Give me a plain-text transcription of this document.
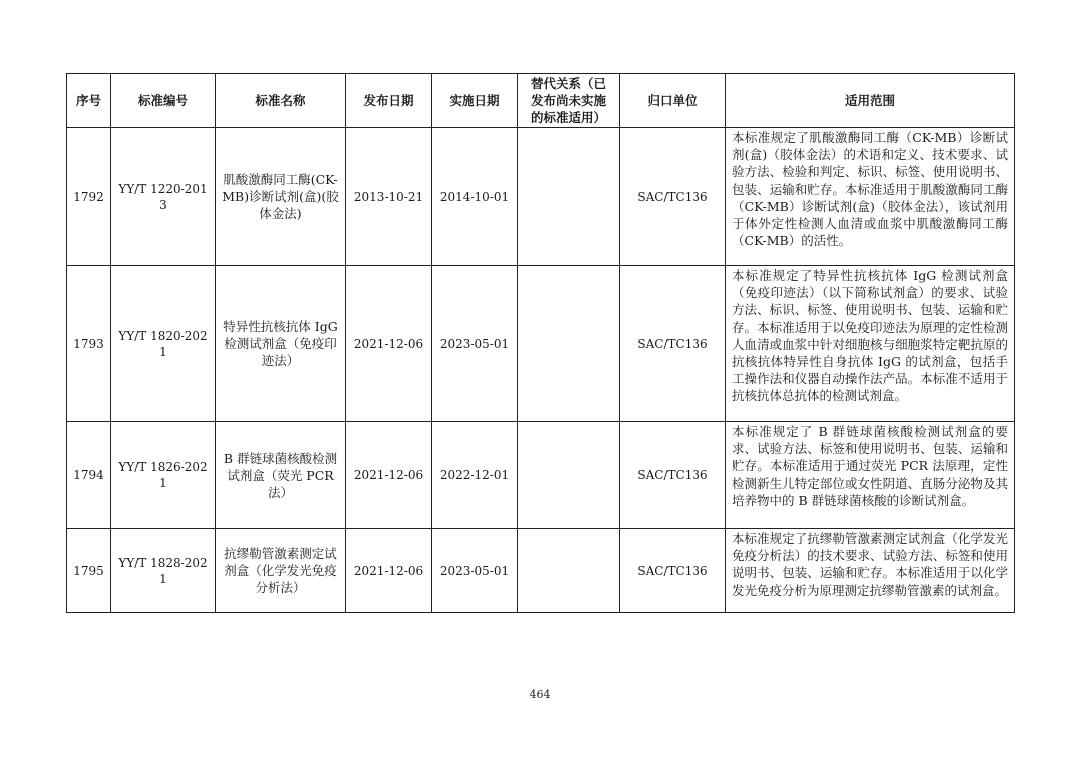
序号	标准编号	标准名称	发布日期	实施日期	替代关系（已发布尚未实施的标准适用）	归口单位	适用范围
1792	YY/T 1220-2013	肌酸激酶同工酶(CK-MB)诊断试剂(盒)(胶体金法)	2013-10-21	2014-10-01		SAC/TC136	本标准规定了肌酸激酶同工酶（CK-MB）诊断试剂(盒)（胶体金法）的术语和定义、技术要求、试验方法、检验和判定、标识、标签、使用说明书、包装、运输和贮存。本标准适用于肌酸激酶同工酶（CK-MB）诊断试剂(盒)（胶体金法），该试剂用于体外定性检测人血清或血浆中肌酸激酶同工酶（CK-MB）的活性。
1793	YY/T 1820-2021	特异性抗核抗体 IgG 检测试剂盒（免疫印迹法）	2021-12-06	2023-05-01		SAC/TC136	本标准规定了特异性抗核抗体 IgG 检测试剂盒（免疫印迹法）（以下简称试剂盒）的要求、试验方法、标识、标签、使用说明书、包装、运输和贮存。本标准适用于以免疫印迹法为原理的定性检测人血清或血浆中针对细胞核与细胞浆特定靶抗原的抗核抗体特异性自身抗体 IgG 的试剂盒，包括手工操作法和仪器自动操作法产品。本标准不适用于抗核抗体总抗体的检测试剂盒。
1794	YY/T 1826-2021	B 群链球菌核酸检测试剂盒（荧光 PCR 法）	2021-12-06	2022-12-01		SAC/TC136	本标准规定了 B 群链球菌核酸检测试剂盒的要求、试验方法、标签和使用说明书、包装、运输和贮存。本标准适用于通过荧光 PCR 法原理，定性检测新生儿特定部位或女性阴道、直肠分泌物及其培养物中的 B 群链球菌核酸的诊断试剂盒。
1795	YY/T 1828-2021	抗缪勒管激素测定试剂盒（化学发光免疫分析法）	2021-12-06	2023-05-01		SAC/TC136	本标准规定了抗缪勒管激素测定试剂盒（化学发光免疫分析法）的技术要求、试验方法、标签和使用说明书、包装、运输和贮存。本标准适用于以化学发光免疫分析为原理测定抗缪勒管激素的试剂盒。
464
